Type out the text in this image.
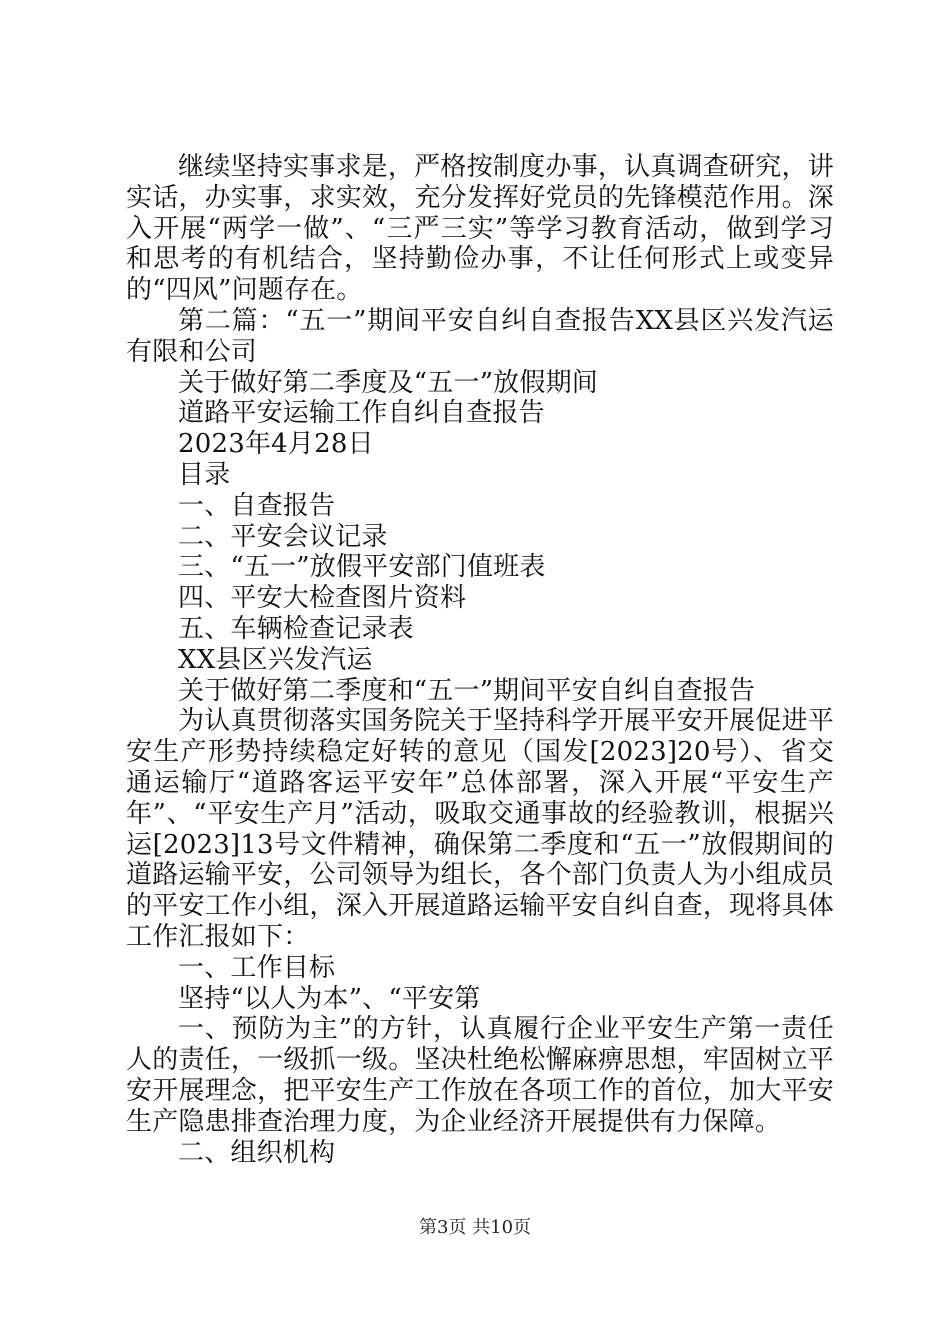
继续坚持实事求是，严格按制度办事，认真调查研究，讲实话，办实事，求实效，充分发挥好党员的先锋模范作用。深入开展“两学一做”、“三严三实”等学习教育活动，做到学习和思考的有机结合，坚持勤俭办事，不让任何形式上或变异的“四风”问题存在。

第二篇：“五一”期间平安自纠自查报告XX县区兴发汽运有限和公司

关于做好第二季度及“五一”放假期间

道路平安运输工作自纠自查报告

2023年4月28日

目录

一、自查报告

二、平安会议记录

三、“五一”放假平安部门值班表

四、平安大检查图片资料

五、车辆检查记录表

XX县区兴发汽运

关于做好第二季度和“五一”期间平安自纠自查报告

为认真贯彻落实国务院关于坚持科学开展平安开展促进平安生产形势持续稳定好转的意见（国发[2023]20号）、省交通运输厅“道路客运平安年”总体部署，深入开展“平安生产年”、“平安生产月”活动，吸取交通事故的经验教训，根据兴运[2023]13号文件精神，确保第二季度和“五一”放假期间的道路运输平安，公司领导为组长，各个部门负责人为小组成员的平安工作小组，深入开展道路运输平安自纠自查，现将具体工作汇报如下：

一、工作目标

坚持“以人为本”、“平安第

一、预防为主”的方针，认真履行企业平安生产第一责任人的责任，一级抓一级。坚决杜绝松懈麻痹思想，牢固树立平安开展理念，把平安生产工作放在各项工作的首位，加大平安生产隐患排查治理力度，为企业经济开展提供有力保障。

二、组织机构

第3页 共10页
